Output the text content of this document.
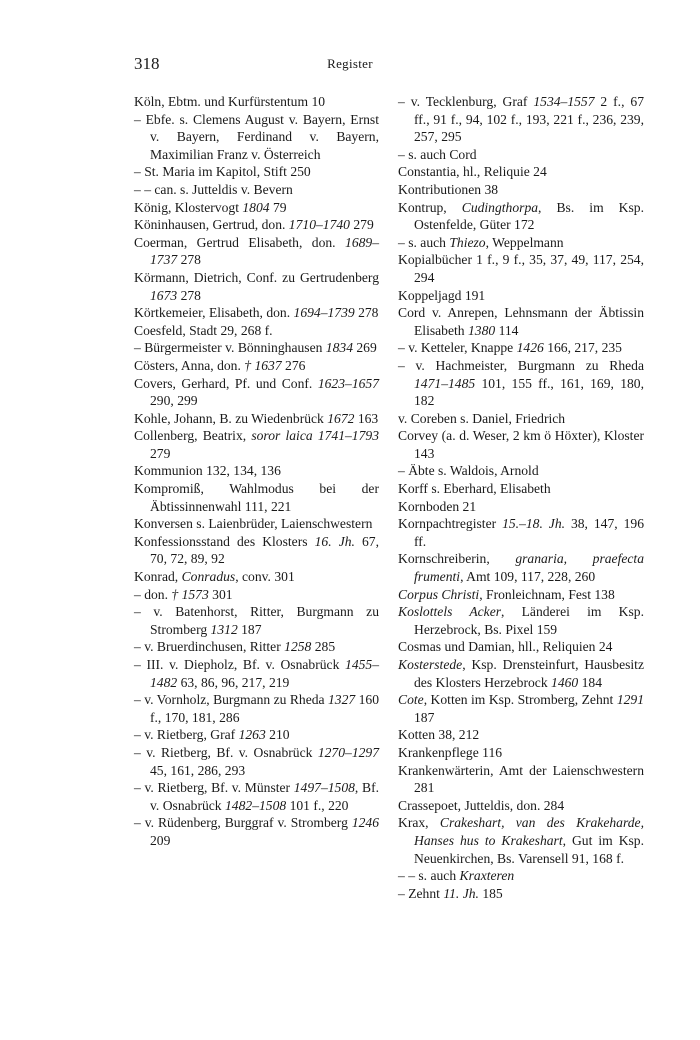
318	Register

Köln, Ebtm. und Kurfürstentum 10

– Ebfe. s. Clemens August v. Bayern, Ernst v. Bayern, Ferdinand v. Bayern, Maximilian Franz v. Österreich

– St. Maria im Kapitol, Stift 250

– – can. s. Jutteldis v. Bevern

König, Klostervogt 1804 79

Köninhausen, Gertrud, don. 1710–1740 279

Coerman, Gertrud Elisabeth, don. 1689–1737 278

Körmann, Dietrich, Conf. zu Gertrudenberg 1673 278

Körtkemeier, Elisabeth, don. 1694–1739 278

Coesfeld, Stadt 29, 268 f.

– Bürgermeister v. Bönninghausen 1834 269

Cösters, Anna, don. † 1637 276

Covers, Gerhard, Pf. und Conf. 1623–1657 290, 299

Kohle, Johann, B. zu Wiedenbrück 1672 163

Collenberg, Beatrix, soror laica 1741–1793 279

Kommunion 132, 134, 136

Kompromiß, Wahlmodus bei der Äbtissinnenwahl 111, 221

Konversen s. Laienbrüder, Laienschwestern

Konfessionsstand des Klosters 16. Jh. 67, 70, 72, 89, 92

Konrad, Conradus, conv. 301

– don. † 1573 301

– v. Batenhorst, Ritter, Burgmann zu Stromberg 1312 187

– v. Bruerdinchusen, Ritter 1258 285

– III. v. Diepholz, Bf. v. Osnabrück 1455–1482 63, 86, 96, 217, 219

– v. Vornholz, Burgmann zu Rheda 1327 160 f., 170, 181, 286

– v. Rietberg, Graf 1263 210

– v. Rietberg, Bf. v. Osnabrück 1270–1297 45, 161, 286, 293

– v. Rietberg, Bf. v. Münster 1497–1508, Bf. v. Osnabrück 1482–1508 101 f., 220

– v. Rüdenberg, Burggraf v. Stromberg 1246 209

– v. Tecklenburg, Graf 1534–1557 2 f., 67 ff., 91 f., 94, 102 f., 193, 221 f., 236, 239, 257, 295

– s. auch Cord

Constantia, hl., Reliquie 24

Kontributionen 38

Kontrup, Cudingthorpa, Bs. im Ksp. Ostenfelde, Güter 172

– s. auch Thiezo, Weppelmann

Kopialbücher 1 f., 9 f., 35, 37, 49, 117, 254, 294

Koppeljagd 191

Cord v. Anrepen, Lehnsmann der Äbtissin Elisabeth 1380 114

– v. Ketteler, Knappe 1426 166, 217, 235

– v. Hachmeister, Burgmann zu Rheda 1471–1485 101, 155 ff., 161, 169, 180, 182

v. Coreben s. Daniel, Friedrich

Corvey (a. d. Weser, 2 km ö Höxter), Kloster 143

– Äbte s. Waldois, Arnold

Korff s. Eberhard, Elisabeth

Kornboden 21

Kornpachtregister 15.–18. Jh. 38, 147, 196 ff.

Kornschreiberin, granaria, praefecta frumenti, Amt 109, 117, 228, 260

Corpus Christi, Fronleichnam, Fest 138

Koslottels Acker, Länderei im Ksp. Herzebrock, Bs. Pixel 159

Cosmas und Damian, hll., Reliquien 24

Kosterstede, Ksp. Drensteinfurt, Hausbesitz des Klosters Herzebrock 1460 184

Cote, Kotten im Ksp. Stromberg, Zehnt 1291 187

Kotten 38, 212

Krankenpflege 116

Krankenwärterin, Amt der Laienschwestern 281

Crassepoet, Jutteldis, don. 284

Krax, Crakeshart, van des Krakeharde, Hanses hus to Krakeshart, Gut im Ksp. Neuenkirchen, Bs. Varensell 91, 168 f.

– – s. auch Kraxteren

– Zehnt 11. Jh. 185
